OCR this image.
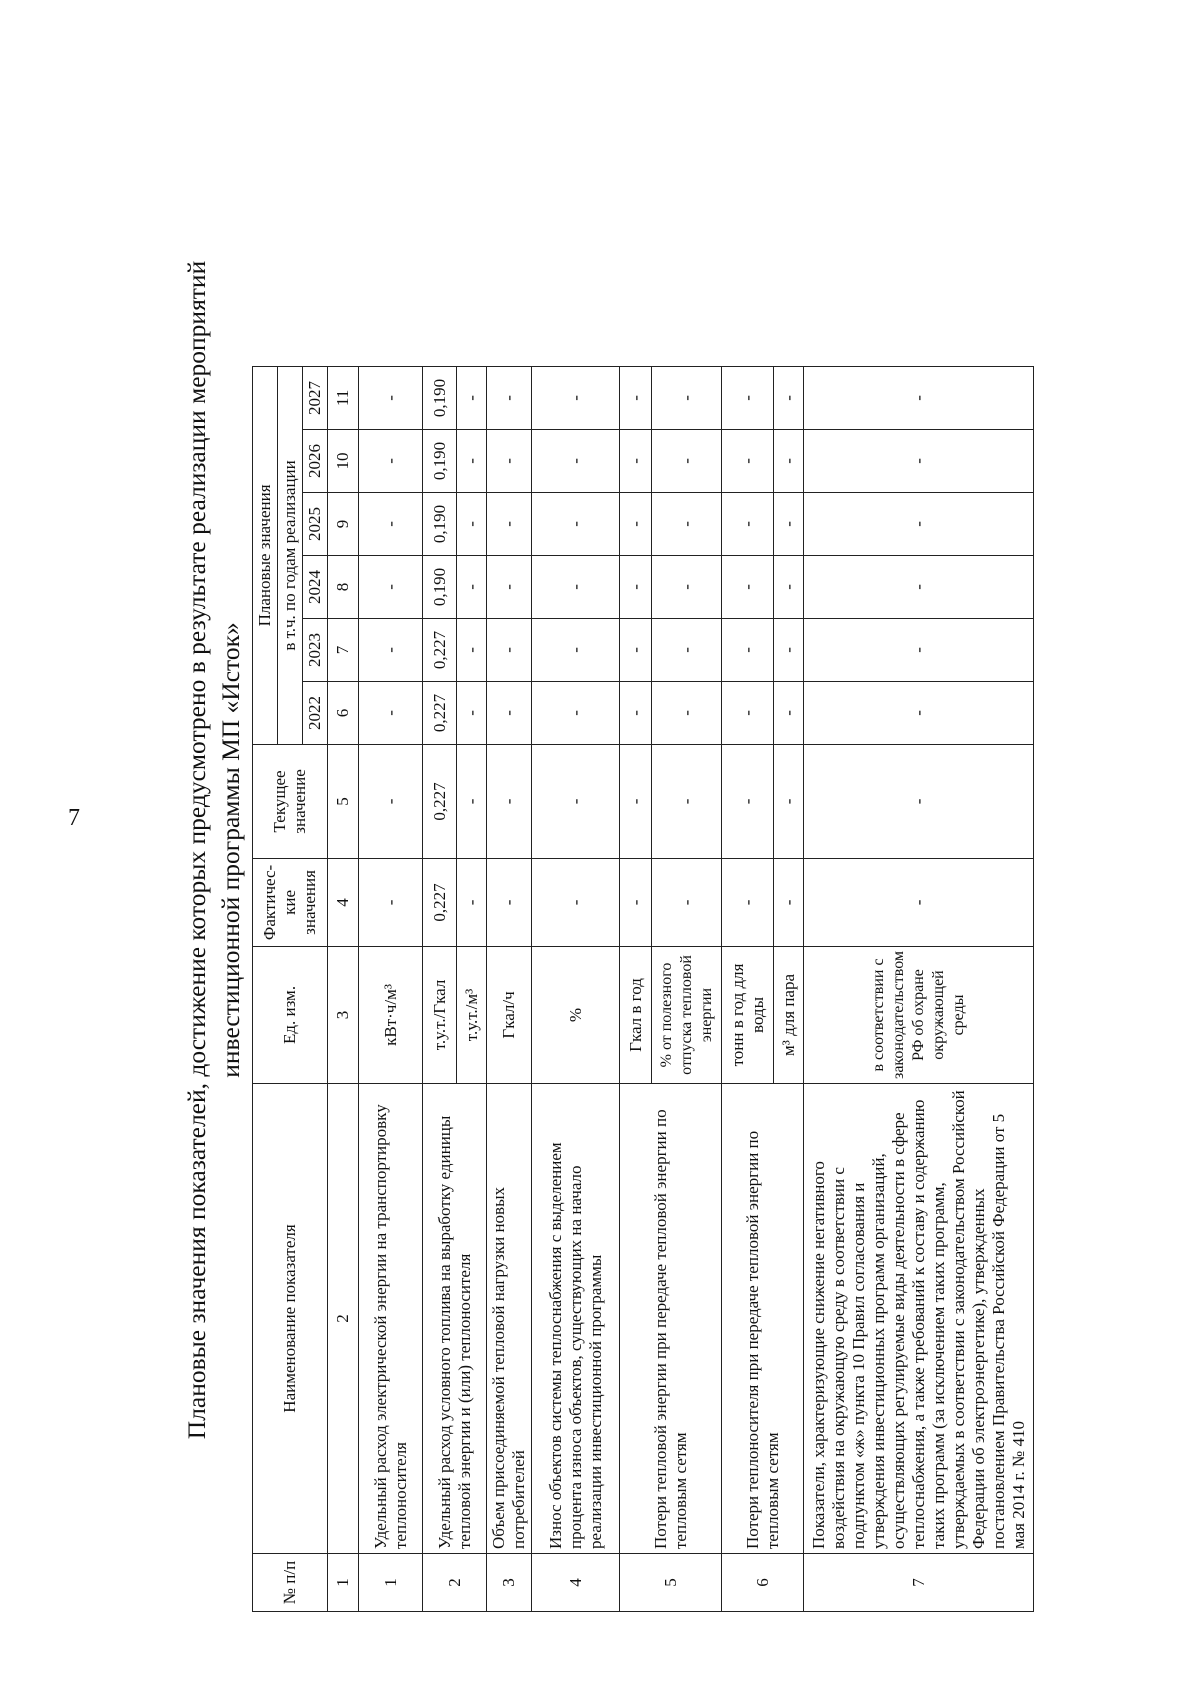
7	Плановые значения показателей, достижение которых предусмотрено в результате реализации мероприятий инвестиционной программы МП «Исток»

№ п/п	Наименование показателя	Ед. изм.	Фактичес-кие значения	Текущее значение	Плановые значения					
					в т.ч. по годам реализации					
					2022	2023	2024	2025	2026	2027
1	2	3	4	5	6	7	8	9	10	11
1	Удельный расход электрической энергии на транспортировку теплоносителя	кВт·ч/м³	-	-	-	-	-	-	-	-
2	Удельный расход условного топлива на выработку единицы тепловой энергии и (или) теплоносителя	т.у.т./Гкал	0,227	0,227	0,227	0,227	0,190	0,190	0,190	0,190
		т.у.т./м³	-	-	-	-	-	-	-	-
3	Объем присоединяемой тепловой нагрузки новых потребителей	Гкал/ч	-	-	-	-	-	-	-	-
4	Износ объектов системы теплоснабжения с выделением процента износа объектов, существующих на начало реализации инвестиционной программы	%	-	-	-	-	-	-	-	-
5	Потери тепловой энергии при передаче тепловой энергии по тепловым сетям	Гкал в год	-	-	-	-	-	-	-	-
		% от полезного отпуска тепловой энергии	-	-	-	-	-	-	-	-
6	Потери теплоносителя при передаче тепловой энергии по тепловым сетям	тонн в год для воды	-	-	-	-	-	-	-	-
		м³ для пара	-	-	-	-	-	-	-	-
7	Показатели, характеризующие снижение негативного воздействия на окружающую среду в соответствии с подпунктом «ж» пункта 10 Правил согласования и утверждения инвестиционных программ организаций, осуществляющих регулируемые виды деятельности в сфере теплоснабжения, а также требований к составу и содержанию таких программ (за исключением таких программ, утверждаемых в соответствии с законодательством Российской Федерации об электроэнергетике), утвержденных постановлением Правительства Российской Федерации от 5 мая 2014 г. № 410	в соответствии с законодательством РФ об охране окружающей среды	-	-	-	-	-	-	-	-
